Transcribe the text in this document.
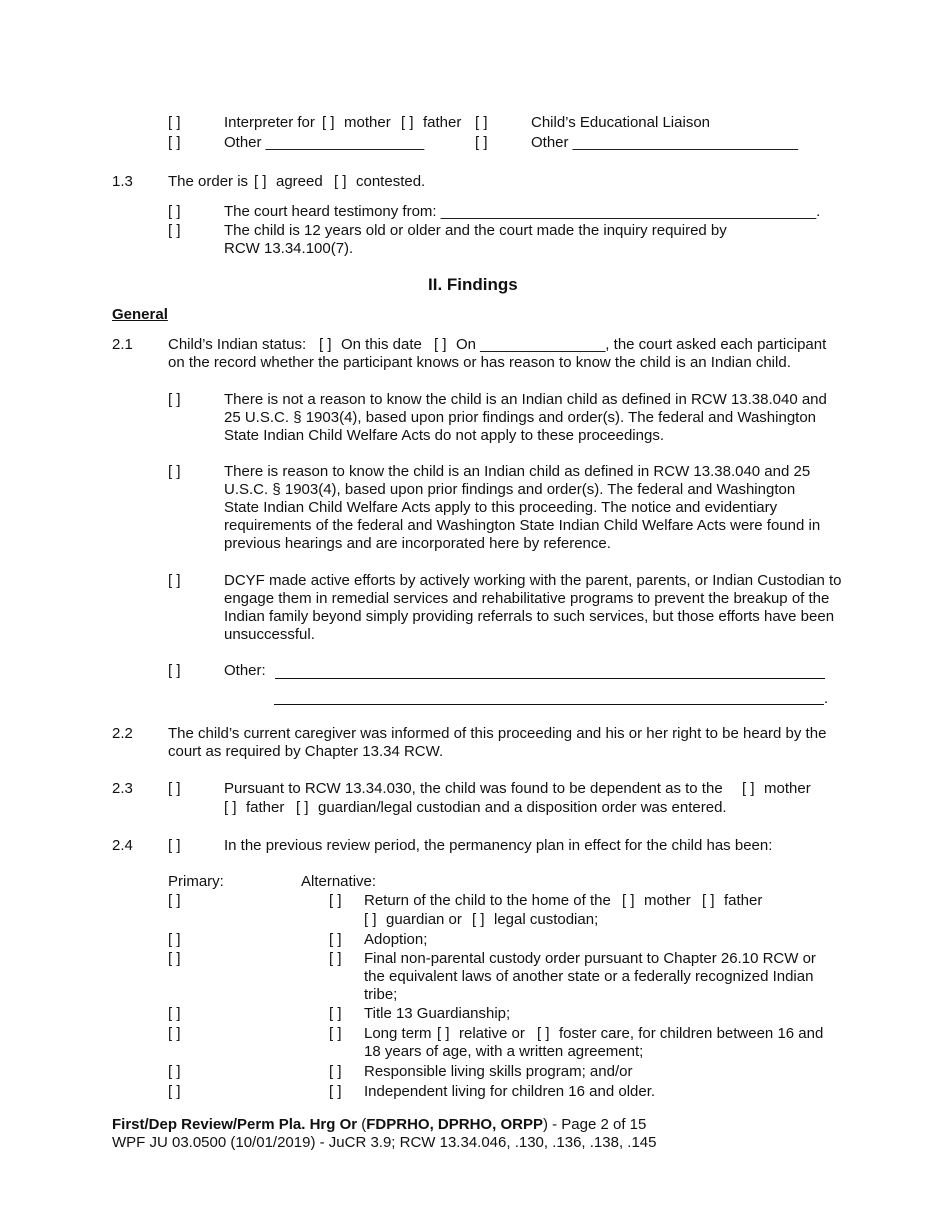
[ ]	Interpreter for [ ] mother [ ] father [ ]	Child’s Educational Liaison
[ ]	Other ___________________	[ ]	Other ___________________________
1.3 The order is [ ] agreed [ ] contested.
[ ]	The court heard testimony from: _____________________________________________.
[ ]	The child is 12 years old or older and the court made the inquiry required by
RCW 13.34.100(7).
II. Findings
General
2.1 Child’s Indian status: [ ] On this date [ ] On _______________, the court asked each participant
on the record whether the participant knows or has reason to know the child is an Indian child.
[ ]	There is not a reason to know the child is an Indian child as defined in RCW 13.38.040 and 25 U.S.C. § 1903(4), based upon prior findings and order(s). The federal and Washington State Indian Child Welfare Acts do not apply to these proceedings.
[ ]	There is reason to know the child is an Indian child as defined in RCW 13.38.040 and 25 U.S.C. § 1903(4), based upon prior findings and order(s). The federal and Washington State Indian Child Welfare Acts apply to this proceeding. The notice and evidentiary requirements of the federal and Washington State Indian Child Welfare Acts were found in previous hearings and are incorporated here by reference.
[ ]	DCYF made active efforts by actively working with the parent, parents, or Indian Custodian to engage them in remedial services and rehabilitative programs to prevent the breakup of the Indian family beyond simply providing referrals to such services, but those efforts have been unsuccessful.
[ ]	Other:
.
2.2 The child’s current caregiver was informed of this proceeding and his or her right to be heard by the court as required by Chapter 13.34 RCW.
2.3 [ ]	Pursuant to RCW 13.34.030, the child was found to be dependent as to the [ ] mother
[ ] father [ ] guardian/legal custodian and a disposition order was entered.
2.4 [ ]	In the previous review period, the permanency plan in effect for the child has been:
Primary:	Alternative:
[ ]	[ ] Return of the child to the home of the [ ] mother [ ] father
[ ] guardian or [ ] legal custodian;
[ ]	[ ] Adoption;
[ ]	[ ] Final non-parental custody order pursuant to Chapter 26.10 RCW or the equivalent laws of another state or a federally recognized Indian tribe;
[ ]	[ ] Title 13 Guardianship;
[ ]	[ ] Long term [ ] relative or [ ] foster care, for children between 16 and
18 years of age, with a written agreement;
[ ]	[ ] Responsible living skills program; and/or
[ ]	[ ] Independent living for children 16 and older.
First/Dep Review/Perm Pla. Hrg Or (FDPRHO, DPRHO, ORPP) - Page 2 of 15
WPF JU 03.0500 (10/01/2019) - JuCR 3.9; RCW 13.34.046, .130, .136, .138, .145
